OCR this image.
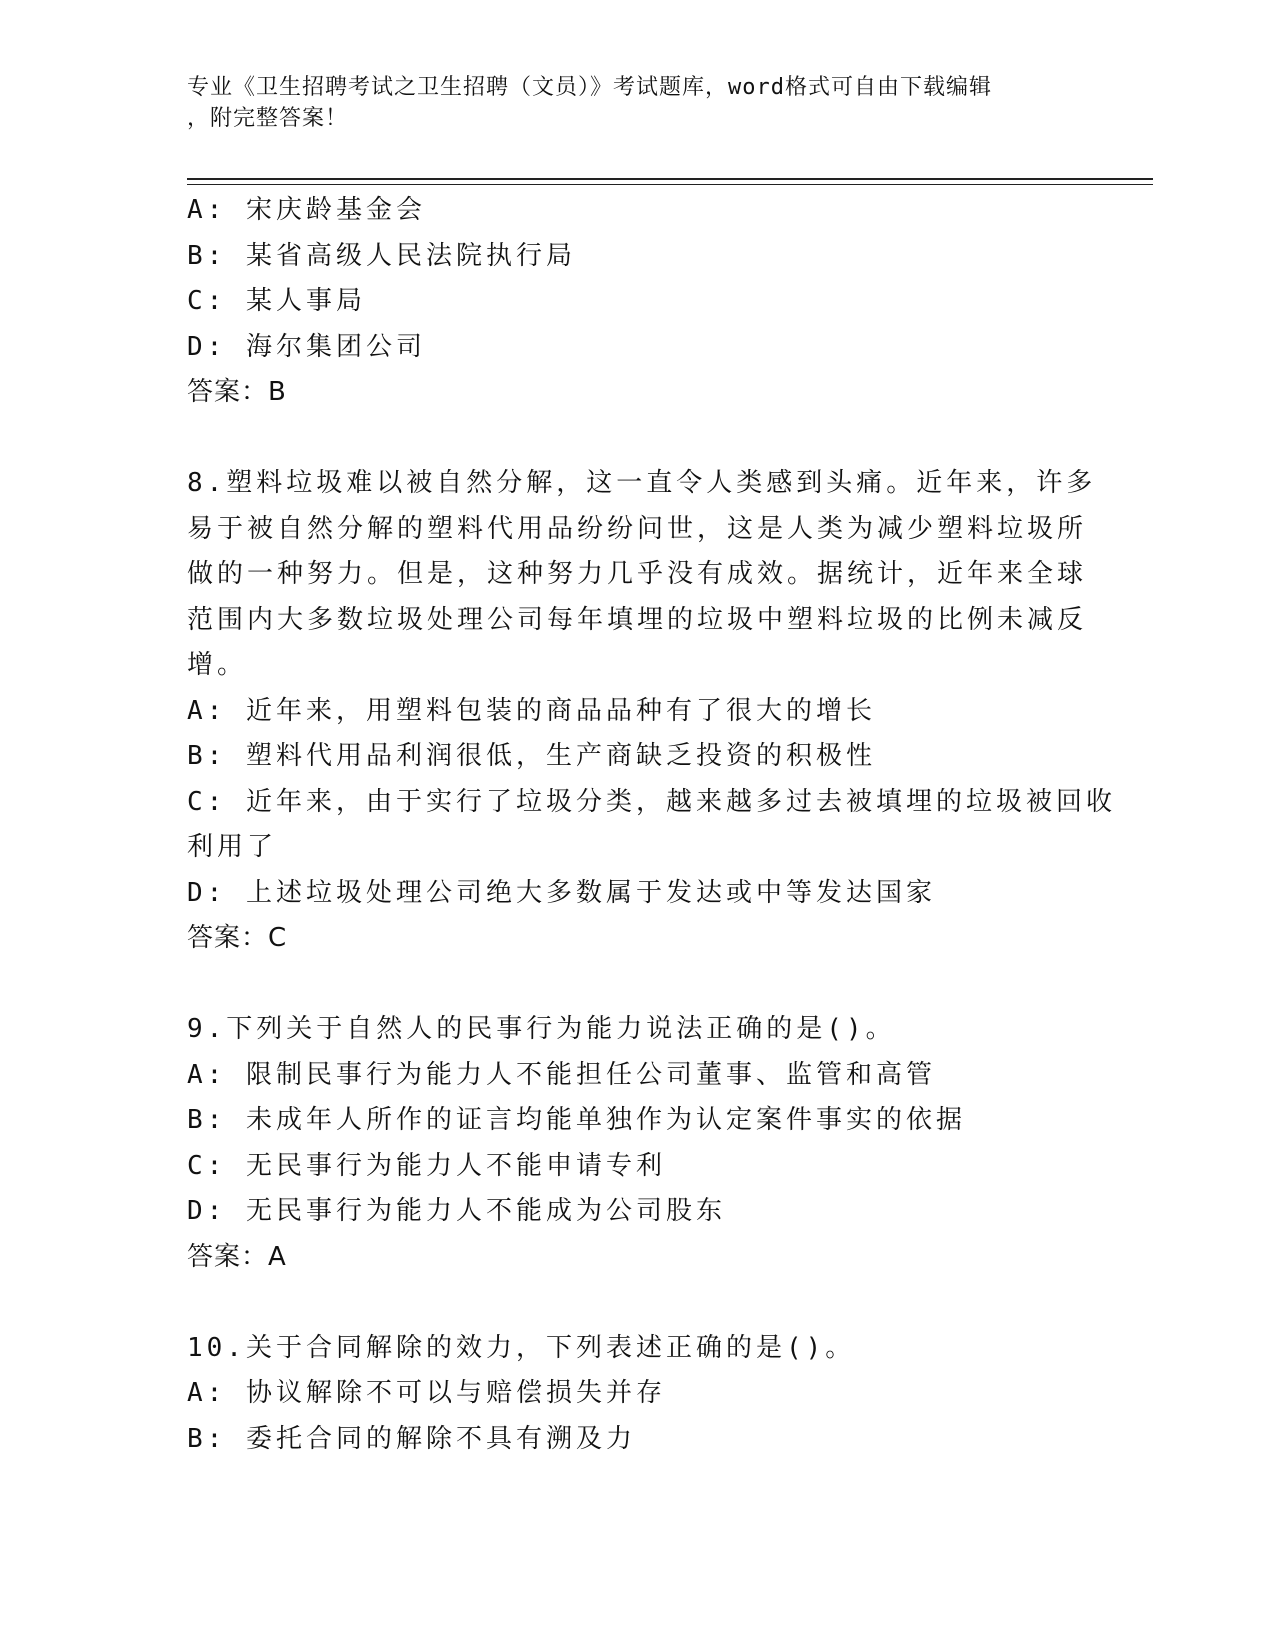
专业《卫生招聘考试之卫生招聘（文员）》考试题库，word格式可自由下载编辑
，附完整答案！
A: 宋庆龄基金会
B: 某省高级人民法院执行局
C: 某人事局
D: 海尔集团公司
答案：B
8.塑料垃圾难以被自然分解，这一直令人类感到头痛。近年来，许多
易于被自然分解的塑料代用品纷纷问世，这是人类为减少塑料垃圾所
做的一种努力。但是，这种努力几乎没有成效。据统计，近年来全球
范围内大多数垃圾处理公司每年填埋的垃圾中塑料垃圾的比例未减反
增。
A: 近年来，用塑料包装的商品品种有了很大的增长
B: 塑料代用品利润很低，生产商缺乏投资的积极性
C: 近年来，由于实行了垃圾分类，越来越多过去被填埋的垃圾被回收
利用了
D: 上述垃圾处理公司绝大多数属于发达或中等发达国家
答案：C
9.下列关于自然人的民事行为能力说法正确的是()。
A: 限制民事行为能力人不能担任公司董事、监管和高管
B: 未成年人所作的证言均能单独作为认定案件事实的依据
C: 无民事行为能力人不能申请专利
D: 无民事行为能力人不能成为公司股东
答案：A
10.关于合同解除的效力，下列表述正确的是()。
A: 协议解除不可以与赔偿损失并存
B: 委托合同的解除不具有溯及力
